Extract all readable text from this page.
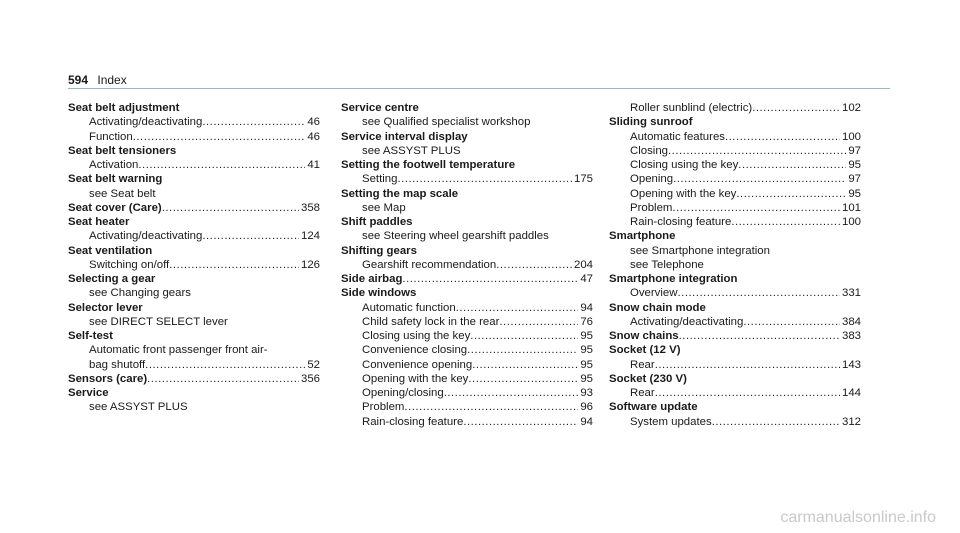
594 Index
Seat belt adjustment
Activating/deactivating .....	46
Function .....	46
Seat belt tensioners
Activation .....	41
Seat belt warning
see Seat belt
Seat cover (Care) .....	358
Seat heater
Activating/deactivating .....	124
Seat ventilation
Switching on/off .....	126
Selecting a gear
see Changing gears
Selector lever
see DIRECT SELECT lever
Self-test
Automatic front passenger front air-
bag shutoff .....	52
Sensors (care) .....	356
Service
see ASSYST PLUS
Service centre
see Qualified specialist workshop
Service interval display
see ASSYST PLUS
Setting the footwell temperature
Setting .....	175
Setting the map scale
see Map
Shift paddles
see Steering wheel gearshift paddles
Shifting gears
Gearshift recommendation .....	204
Side airbag .....	47
Side windows
Automatic function .....	94
Child safety lock in the rear .....	76
Closing using the key .....	95
Convenience closing .....	95
Convenience opening .....	95
Opening with the key .....	95
Opening/closing .....	93
Problem .....	96
Rain-closing feature .....	94
Roller sunblind (electric) .....	102
Sliding sunroof
Automatic features .....	100
Closing .....	97
Closing using the key .....	95
Opening .....	97
Opening with the key .....	95
Problem .....	101
Rain-closing feature .....	100
Smartphone
see Smartphone integration
see Telephone
Smartphone integration
Overview .....	331
Snow chain mode
Activating/deactivating .....	384
Snow chains .....	383
Socket (12 V)
Rear .....	143
Socket (230 V)
Rear .....	144
Software update
System updates .....	312
carmanualsonline.info
